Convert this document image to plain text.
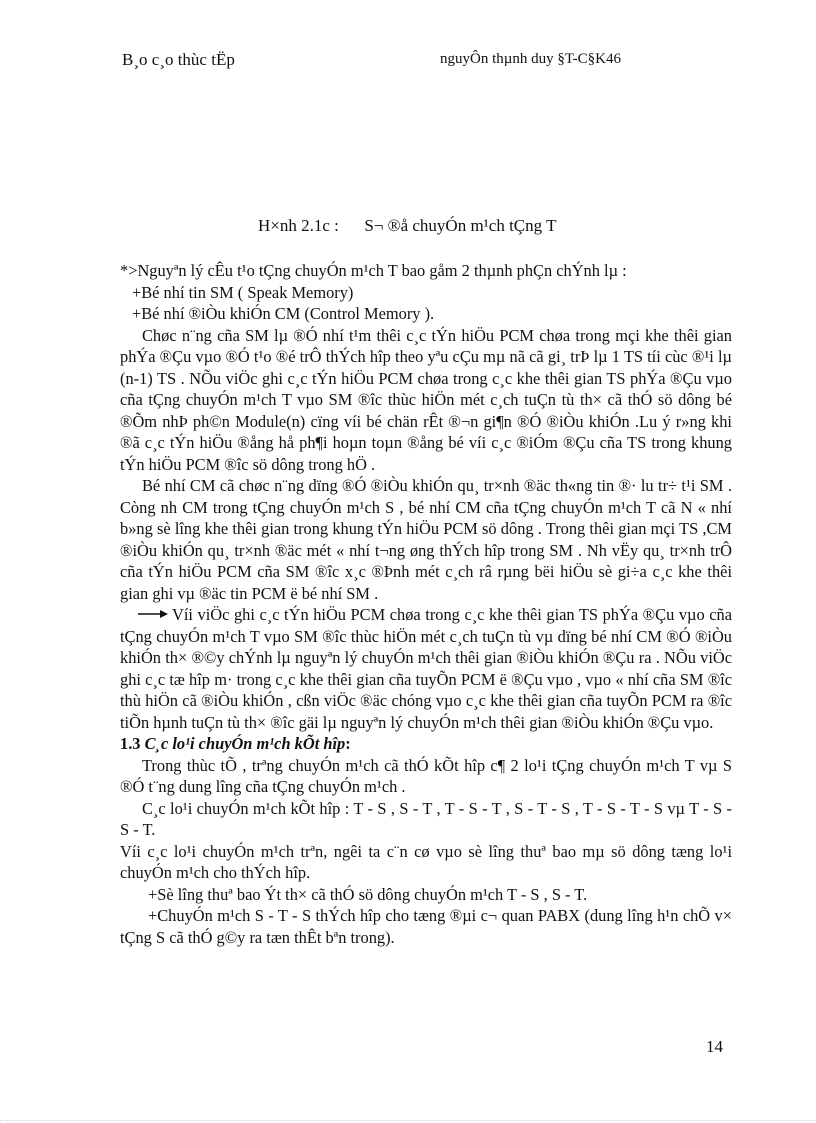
B¸o c¸o thùc tËp	nguyÔn thµnh duy §T-C§K46
H×nh 2.1c :      S¬ ®å chuyÓn m¹ch tÇng T

*>Nguyªn lý cÊu t¹o tÇng chuyÓn m¹ch T bao gåm 2 thµnh phÇn chÝnh lµ :

+Bé nhí tin SM ( Speak Memory)

+Bé nhí ®iÒu khiÓn CM (Control Memory ).

Chøc n¨ng cña SM lµ ®Ó nhí t¹m thêi c¸c tÝn hiÖu PCM chøa trong mçi khe thêi gian phÝa ®Çu vµo ®Ó t¹o ®é trÔ thÝch hîp theo yªu cÇu mµ nã cã gi¸ trÞ lµ 1 TS tíi cùc ®¹i lµ (n-1) TS . NÕu viÖc ghi c¸c tÝn hiÖu PCM chøa trong c¸c khe thêi gian TS phÝa ®Çu vµo cña tÇng chuyÓn m¹ch T vµo SM ®îc thùc hiÖn mét c¸ch tuÇn tù th× cã thÓ sö dông bé ®Õm nhÞ ph©n Module(n) cïng víi bé chän rÊt ®¬n gi¶n ®Ó ®iÒu khiÓn .Lu ý r»ng khi ®ã c¸c tÝn hiÖu ®ång hå ph¶i hoµn toµn ®ång bé víi c¸c ®iÓm ®Çu cña TS trong khung tÝn hiÖu PCM ®îc sö dông trong hÖ .

Bé nhí CM cã chøc n¨ng dïng ®Ó ®iÒu khiÓn qu¸ tr×nh ®äc th«ng tin ®· lu tr÷ t¹i SM . Còng nh CM trong tÇng chuyÓn m¹ch S , bé nhí CM cña tÇng chuyÓn m¹ch T cã N « nhí b»ng sè lîng khe thêi gian trong khung tÝn hiÖu PCM sö dông . Trong thêi gian mçi TS ,CM ®iÒu khiÓn qu¸ tr×nh ®äc mét « nhí t¬ng øng thÝch hîp trong SM . Nh vËy qu¸ tr×nh trÔ cña tÝn hiÖu PCM cña SM ®îc x¸c ®Þnh mét c¸ch râ rµng bëi hiÖu sè gi÷a c¸c khe thêi gian ghi vµ ®äc tin PCM ë bé nhí SM .

Víi viÖc ghi c¸c tÝn hiÖu PCM chøa trong c¸c khe thêi gian TS phÝa ®Çu vµo cña tÇng chuyÓn m¹ch T vµo SM ®îc thùc hiÖn mét c¸ch tuÇn tù vµ dïng bé nhí CM ®Ó ®iÒu khiÓn th× ®©y chÝnh lµ nguyªn lý chuyÓn m¹ch thêi gian ®iÒu khiÓn ®Çu ra . NÕu viÖc ghi c¸c tæ hîp m· trong c¸c khe thêi gian cña tuyÕn PCM ë ®Çu vµo , vµo « nhí cña SM ®îc thù hiÖn cã ®iÒu khiÓn , cßn viÖc ®äc chóng vµo c¸c khe thêi gian cña tuyÕn PCM ra ®îc tiÕn hµnh tuÇn tù th× ®îc gäi lµ nguyªn lý chuyÓn m¹ch thêi gian ®iÒu khiÓn ®Çu vµo.

1.3 C¸c lo¹i chuyÓn m¹ch kÕt hîp:

Trong thùc tÕ , trªng chuyÓn m¹ch cã thÓ kÕt hîp c¶ 2 lo¹i tÇng chuyÓn m¹ch T vµ S ®Ó t¨ng dung lîng cña tÇng chuyÓn m¹ch .

C¸c lo¹i chuyÓn m¹ch kÕt hîp : T - S , S - T , T - S - T , S - T - S , T - S - T - S vµ T - S - S - T.

Víi c¸c lo¹i chuyÓn m¹ch trªn, ngêi ta c¨n cø vµo sè lîng thuª bao mµ sö dông tæng lo¹i chuyÓn m¹ch cho thÝch hîp.

+Sè lîng thuª bao Ýt th× cã thÓ sö dông chuyÓn m¹ch T - S , S - T.

+ChuyÓn m¹ch S - T - S thÝch hîp cho tæng ®µi c¬ quan PABX (dung lîng h¹n chÕ v× tÇng S cã thÓ g©y ra tæn thÊt bªn trong).

14
